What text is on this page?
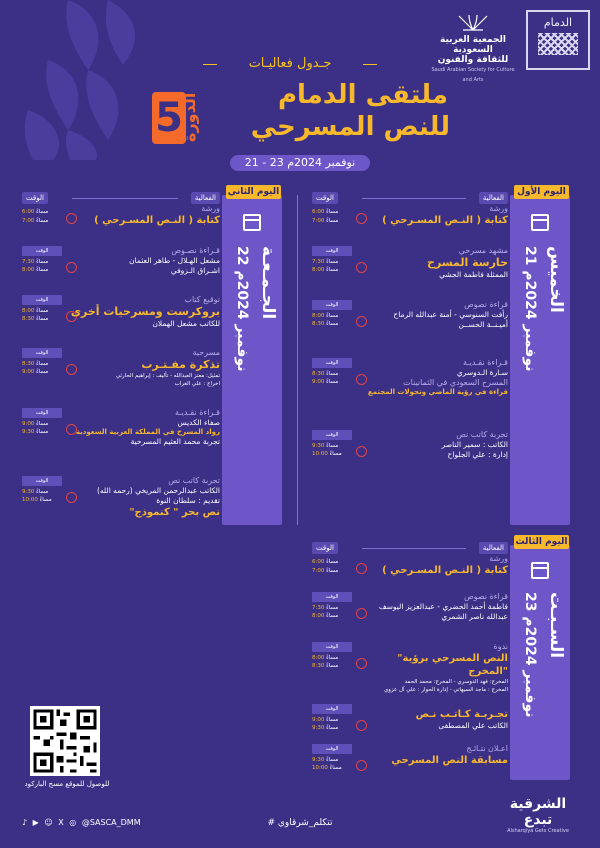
الدمام
الجمعية العربية السعودية
للثقافة والفنون
Saudi Arabian Society for Culture and Arts
جـدول فعاليـات
ملتقى الدمام
للنص المسرحي
5
الدورة
21 - 23 نوفمبر 2024م
اليوم الأول
الخميس
21 نوفمبر 2024م
الفعالية
الوقت
6:00 مساءً
7:00 مساءً
ورشة
كتابة ( النـص المسـرحي )
الوقت
7:30 مساءً
8:00 مساءً
مشهد مسرحي
حارسة المسرح
الممثلة فاطمة الجشي
الوقت
8:00 مساءً
8:30 مساءً
قراءة نصوص
رأفت السنوسي - أمنة عبدالله الرماح
أميـنــة الحســن
الوقت
8:30 مساءً
9:00 مساءً
قـراءة نقـديـة
سـارة الـدوسري
المسرح السعودي في الثمانينات
قراءة في رؤية الماضي وتحولات المجتمع
الوقت
9:30 مساءً
10:00 مساءً
تجربة كاتب نص
الكاتب : سمير الناصر
إدارة : علي الجلواح
اليوم الثاني
الجـمـعـة
22 نوفمبر 2024م
الفعالية
الوقت
6:00 مساءً
7:00 مساءً
ورشة
كتابة ( النـص المسـرحي )
الوقت
7:30 مساءً
8:00 مساءً
قـراءة نصـوص
مشعل الهـلال - طاهر العثمان
اشـراق الـزوفي
الوقت
8:00 مساءً
8:30 مساءً
توقيع كتاب
بروكرست ومسرحيات أخرى
للكاتب مشعل الهملان
الوقت
8:30 مساءً
9:00 مساءً
مسرحية
تذكرة مفـتـرب
تمثيل: معتز العبدالله - تأليف : إبراهيم الحارثي
اخراج : علي الغراب
الوقت
9:00 مساءً
9:30 مساءً
قـراءة نقـديـة
صفاء الكديس
رواد المسرح في المملكة العربية السعودية
تجربة محمد العثيم المسرحية
الوقت
9:30 مساءً
10:00 مساءً
تجربة كاتب نص
الكاتب عبدالرحمن المريخي (رحمه الله)
تقديم : سلطان النوة
"نص بحر " كنموذج
اليوم الثالث
السـبـت
23 نوفمبر 2024م
الفعالية
الوقت
6:00 مساءً
7:00 مساءً
ورشة
كتابة ( النـص المسـرحي )
الوقت
7:30 مساءً
8:00 مساءً
قراءة نصوص
فاطمة أحمد الحضري - عبدالعزيز اليوسف
عبدالله ناصر الشمري
الوقت
8:00 مساءً
8:30 مساءً
ندوة
"النص المسرحي برؤية المخرج"
المخرج: فهد الدوسري - المخرج: محمد الحمد
المخرج : ماجد السيهاتي - إدارة الحوار : علي آل عزوي
الوقت
9:00 مساءً
9:30 مساءً
تجـربـة كـاتـب نـص
الكاتب علي المصطفى
الوقت
9:30 مساءً
10:00 مساءً
اعـلان نتـائـج
مسابقة النص المسرحي
للوصول للموقع مسح الباركود
♪ ▶ ☺ X ◎ @SASCA_DMM	# تتكلم_شرقاوي
الشرقية
تبدع
Alsharqiya Gets Creative
